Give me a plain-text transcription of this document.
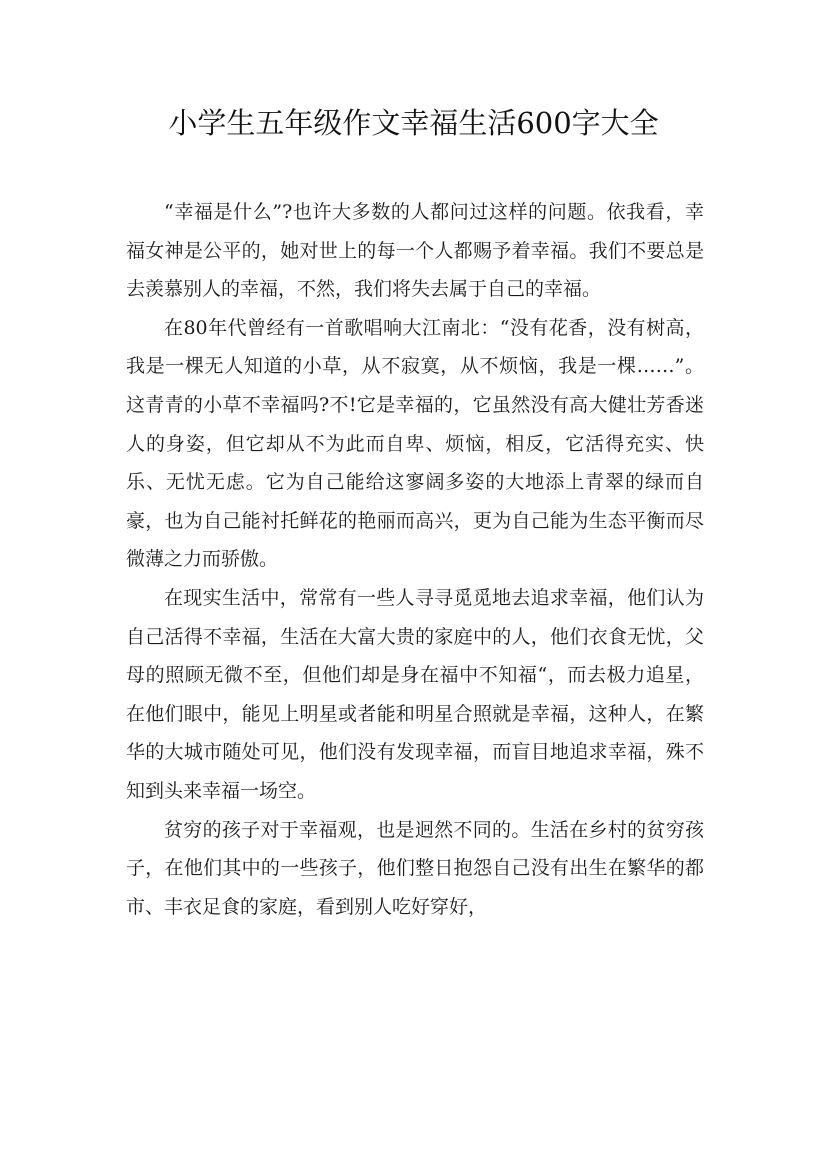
小学生五年级作文幸福生活600字大全

“幸福是什么”?也许大多数的人都问过这样的问题。依我看，幸福女神是公平的，她对世上的每一个人都赐予着幸福。我们不要总是去羡慕别人的幸福，不然，我们将失去属于自己的幸福。

在80年代曾经有一首歌唱响大江南北：“没有花香，没有树高，我是一棵无人知道的小草，从不寂寞，从不烦恼，我是一棵……”。这青青的小草不幸福吗?不!它是幸福的，它虽然没有高大健壮芳香迷人的身姿，但它却从不为此而自卑、烦恼，相反，它活得充实、快乐、无忧无虑。它为自己能给这寥阔多姿的大地添上青翠的绿而自豪，也为自己能衬托鲜花的艳丽而高兴，更为自己能为生态平衡而尽微薄之力而骄傲。

在现实生活中，常常有一些人寻寻觅觅地去追求幸福，他们认为自己活得不幸福，生活在大富大贵的家庭中的人，他们衣食无忧，父母的照顾无微不至，但他们却是身在福中不知福“，而去极力追星，在他们眼中，能见上明星或者能和明星合照就是幸福，这种人，在繁华的大城市随处可见，他们没有发现幸福，而盲目地追求幸福，殊不知到头来幸福一场空。

贫穷的孩子对于幸福观，也是迥然不同的。生活在乡村的贫穷孩子，在他们其中的一些孩子，他们整日抱怨自己没有出生在繁华的都市、丰衣足食的家庭，看到别人吃好穿好，
